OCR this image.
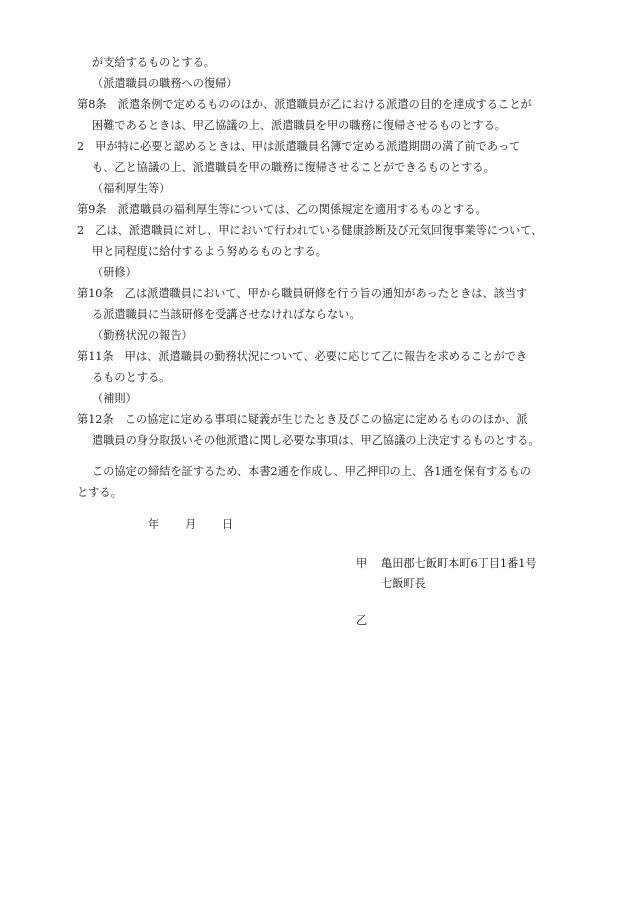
が支給するものとする。
（派遣職員の職務への復帰）
第8条　派遣条例で定めるもののほか、派遣職員が乙における派遣の目的を達成することが
困難であるときは、甲乙協議の上、派遣職員を甲の職務に復帰させるものとする。
2　甲が特に必要と認めるときは、甲は派遣職員名簿で定める派遣期間の満了前であって
も、乙と協議の上、派遣職員を甲の職務に復帰させることができるものとする。
（福利厚生等）
第9条　派遣職員の福利厚生等については、乙の関係規定を適用するものとする。
2　乙は、派遣職員に対し、甲において行われている健康診断及び元気回復事業等について、
甲と同程度に給付するよう努めるものとする。
（研修）
第10条　乙は派遣職員において、甲から職員研修を行う旨の通知があったときは、該当す
る派遣職員に当該研修を受講させなければならない。
（勤務状況の報告）
第11条　甲は、派遣職員の勤務状況について、必要に応じて乙に報告を求めることができ
るものとする。
（補則）
第12条　この協定に定める事項に疑義が生じたとき及びこの協定に定めるもののほか、派
遣職員の身分取扱いその他派遣に関し必要な事項は、甲乙協議の上決定するものとする。
この協定の締結を証するため、本書2通を作成し、甲乙押印の上、各1通を保有するもの
とする。
年 月 日
甲 亀田郡七飯町本町6丁目1番1号
七飯町長
乙
